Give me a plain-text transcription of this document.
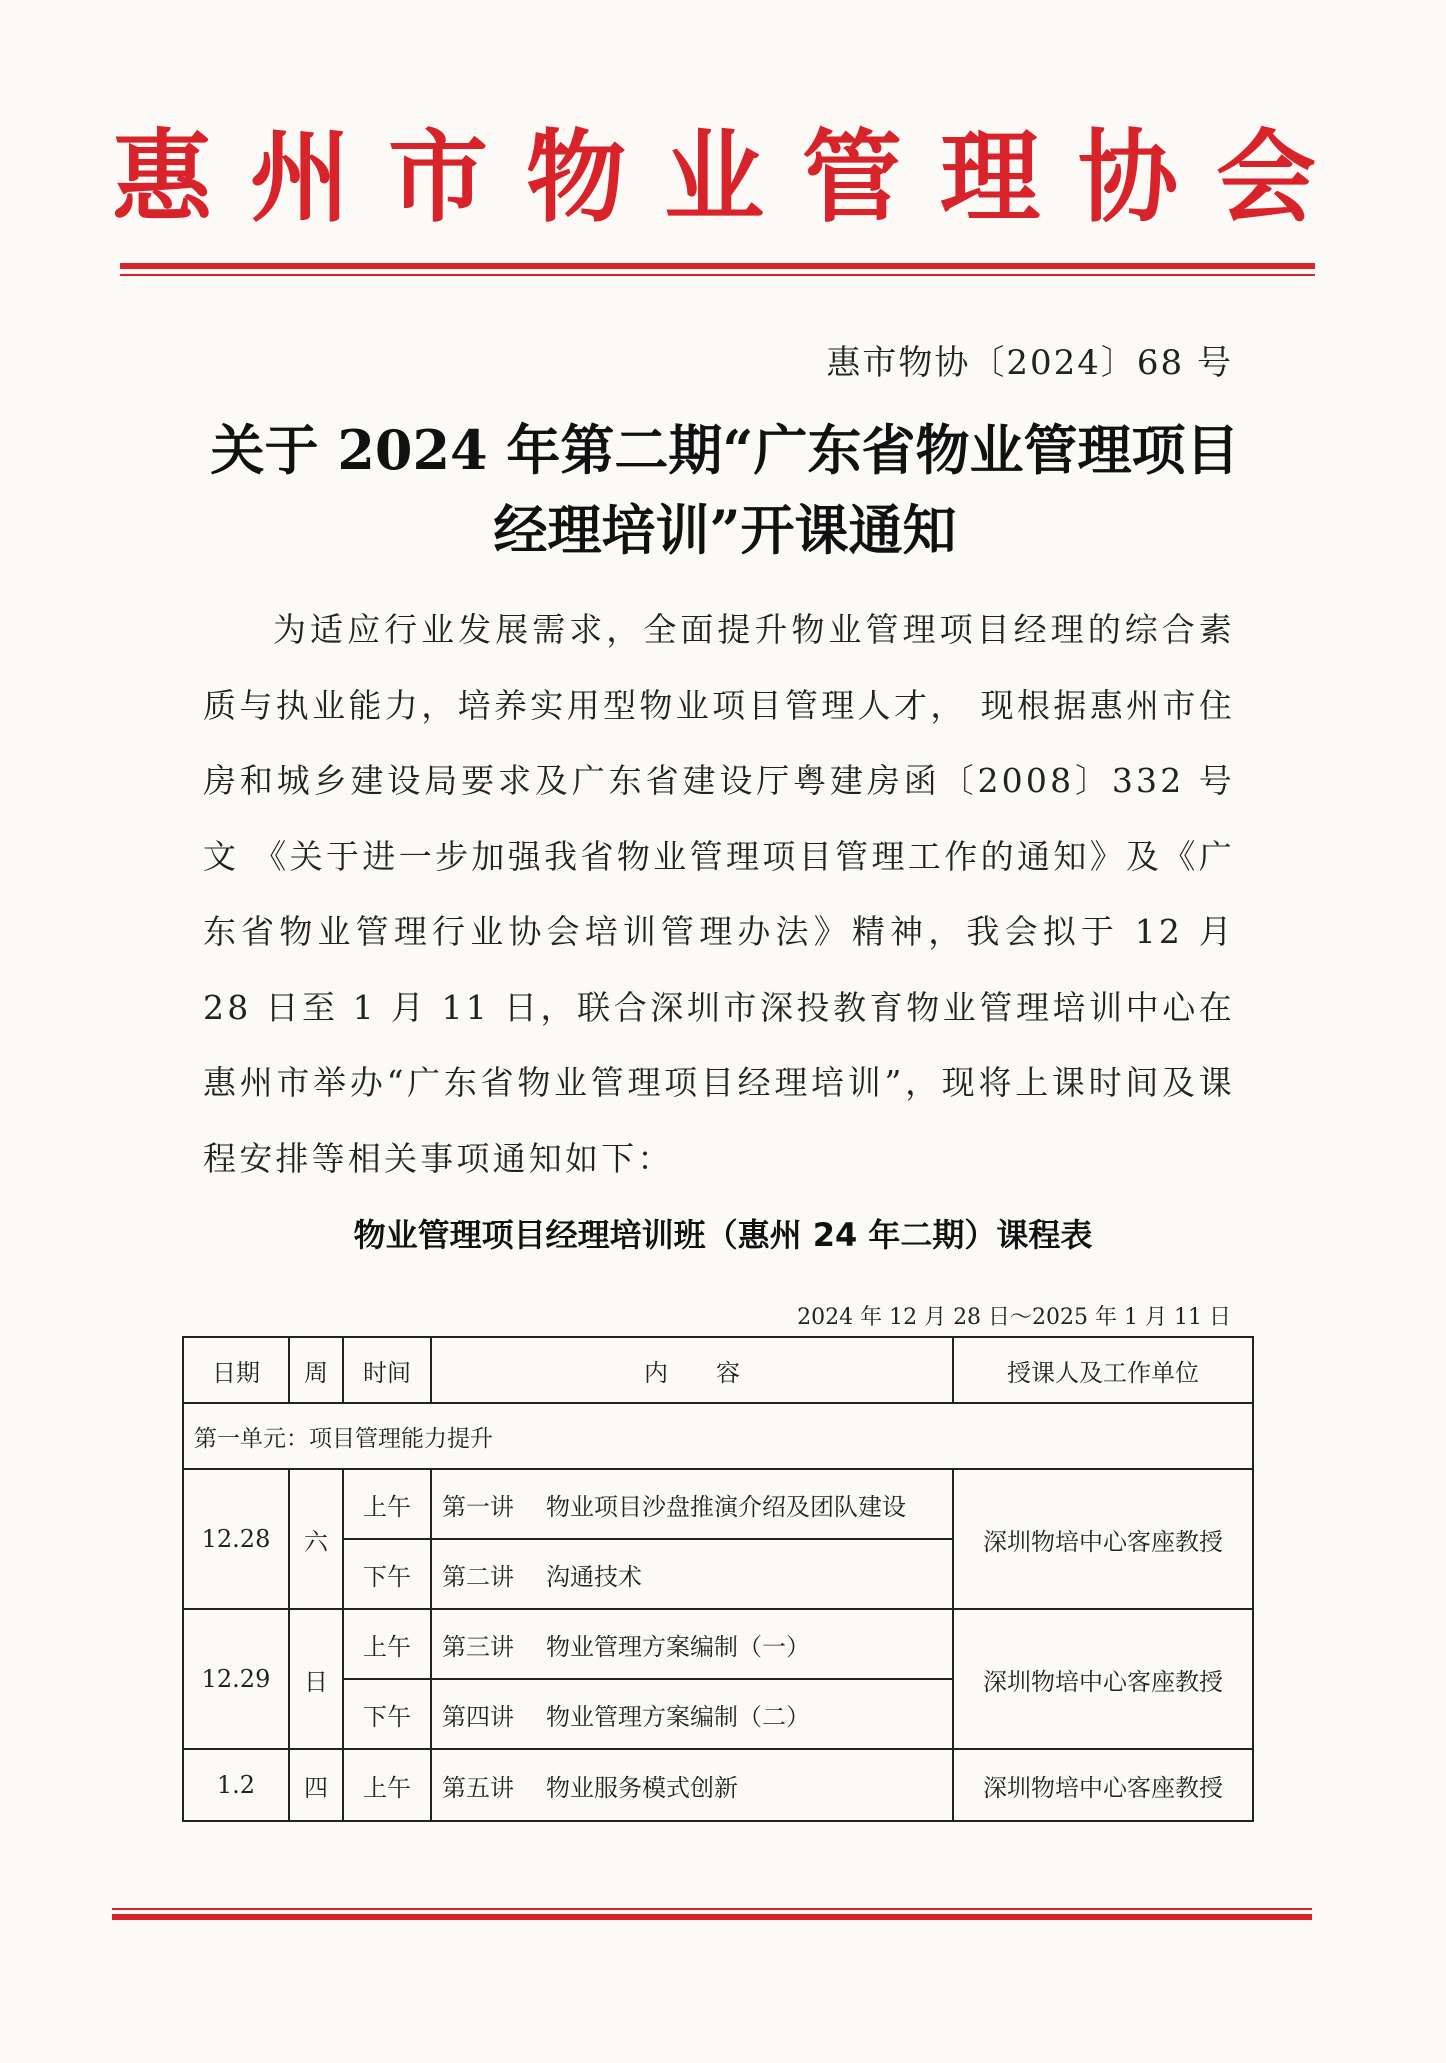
惠州市物业管理协会
惠市物协〔2024〕68 号
关于 2024 年第二期“广东省物业管理项目
经理培训”开课通知
为适应行业发展需求，全面提升物业管理项目经理的综合素质与执业能力，培养实用型物业项目管理人才， 现根据惠州市住房和城乡建设局要求及广东省建设厅粤建房函〔2008〕332 号文 《关于进一步加强我省物业管理项目管理工作的通知》及《广东省物业管理行业协会培训管理办法》精神，我会拟于 12 月 28 日至 1 月 11 日，联合深圳市深投教育物业管理培训中心在惠州市举办“广东省物业管理项目经理培训”，现将上课时间及课程安排等相关事项通知如下：
物业管理项目经理培训班（惠州 24 年二期）课程表
2024 年 12 月 28 日～2025 年 1 月 11 日
日期	周	时间	内　　容	授课人及工作单位
第一单元：项目管理能力提升				
12.28	六	上午	第一讲 物业项目沙盘推演介绍及团队建设	深圳物培中心客座教授
		下午	第二讲 沟通技术	
12.29	日	上午	第三讲 物业管理方案编制（一）	深圳物培中心客座教授
		下午	第四讲 物业管理方案编制（二）	
1.2	四	上午	第五讲 物业服务模式创新	深圳物培中心客座教授
